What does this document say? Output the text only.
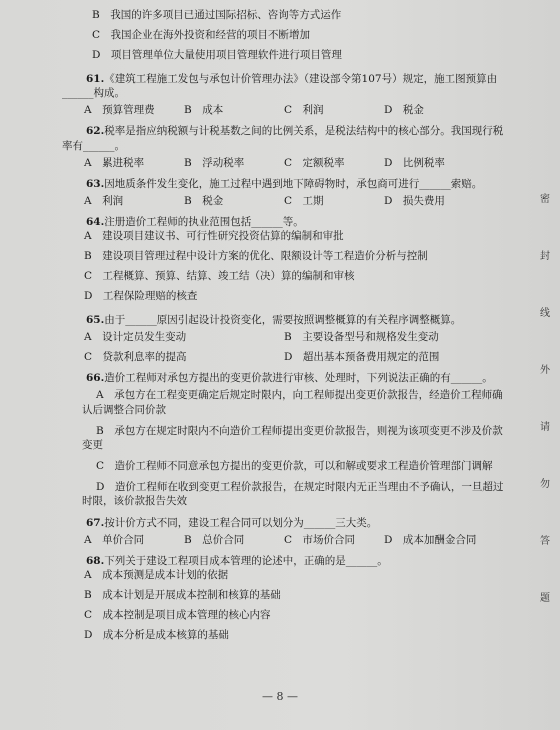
B　我国的许多项目已通过国际招标、咨询等方式运作
C　我国企业在海外投资和经营的项目不断增加
D　项目管理单位大量使用项目管理软件进行项目管理
61.《建筑工程施工发包与承包计价管理办法》（建设部令第107号）规定，施工图预算由______构成。
A　预算管理费	B　成本	C　利润	D　税金
62.税率是指应纳税额与计税基数之间的比例关系，是税法结构中的核心部分。我国现行税率有______。
A　累进税率	B　浮动税率	C　定额税率	D　比例税率
63.因地质条件发生变化，施工过程中遇到地下障碍物时，承包商可进行______索赔。
A　利润	B　税金	C　工期	D　损失费用
64.注册造价工程师的执业范围包括______等。
A　建设项目建议书、可行性研究投资估算的编制和审批
B　建设项目管理过程中设计方案的优化、限额设计等工程造价分析与控制
C　工程概算、预算、结算、竣工结（决）算的编制和审核
D　工程保险理赔的核查
65.由于______原因引起设计投资变化，需要按照调整概算的有关程序调整概算。
A　设计定员发生变动	B　主要设备型号和规格发生变动
C　贷款利息率的提高	D　超出基本预备费用规定的范围
66.造价工程师对承包方提出的变更价款进行审核、处理时，下列说法正确的有______。
A　承包方在工程变更确定后规定时限内，向工程师提出变更价款报告，经造价工程师确认后调整合同价款
B　承包方在规定时限内不向造价工程师提出变更价款报告，则视为该项变更不涉及价款变更
C　造价工程师不同意承包方提出的变更价款，可以和解或要求工程造价管理部门调解
D　造价工程师在收到变更工程价款报告，在规定时限内无正当理由不予确认，一旦超过时限，该价款报告失效
67.按计价方式不同，建设工程合同可以划分为______三大类。
A　单价合同	B　总价合同	C　市场价合同	D　成本加酬金合同
68.下列关于建设工程项目成本管理的论述中，正确的是______。
A　成本预测是成本计划的依据
B　成本计划是开展成本控制和核算的基础
C　成本控制是项目成本管理的核心内容
D　成本分析是成本核算的基础
密
封
线
外
请
勿
答
题
— 8 —
